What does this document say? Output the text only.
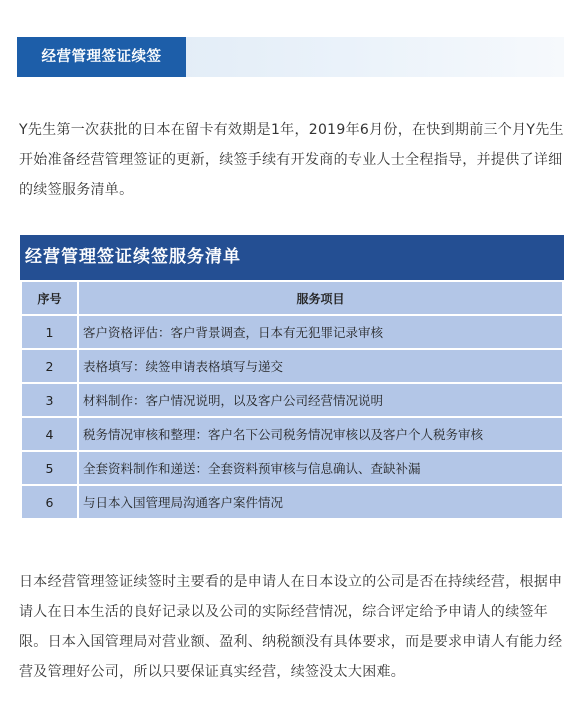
经营管理签证续签

Y先生第一次获批的日本在留卡有效期是1年，2019年6月份，在快到期前三个月Y先生开始准备经营管理签证的更新，续签手续有开发商的专业人士全程指导，并提供了详细的续签服务清单。

经营管理签证续签服务清单
序号	服务项目
1	客户资格评估：客户背景调查，日本有无犯罪记录审核
2	表格填写：续签申请表格填写与递交
3	材料制作：客户情况说明，以及客户公司经营情况说明
4	税务情况审核和整理：客户名下公司税务情况审核以及客户个人税务审核
5	全套资料制作和递送：全套资料预审核与信息确认、查缺补漏
6	与日本入国管理局沟通客户案件情况

日本经营管理签证续签时主要看的是申请人在日本设立的公司是否在持续经营，根据申请人在日本生活的良好记录以及公司的实际经营情况，综合评定给予申请人的续签年限。日本入国管理局对营业额、盈利、纳税额没有具体要求，而是要求申请人有能力经营及管理好公司，所以只要保证真实经营，续签没太大困难。
